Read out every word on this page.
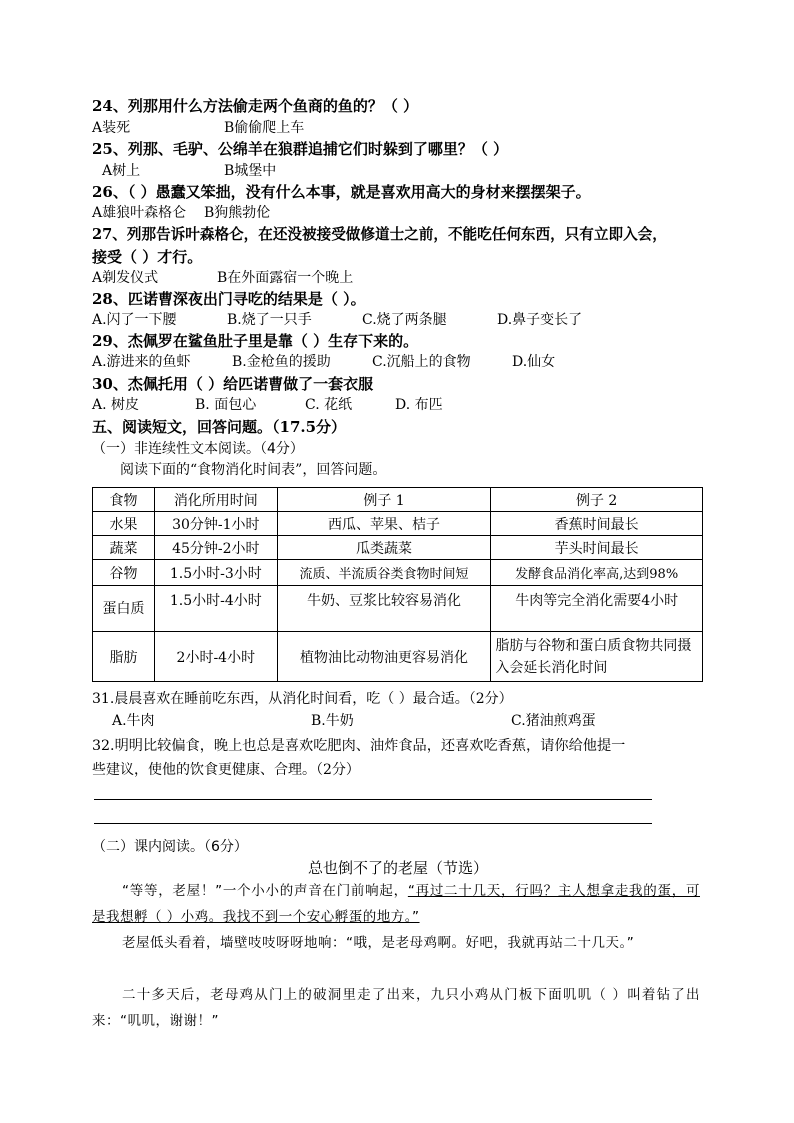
24、列那用什么方法偷走两个鱼商的鱼的？（ ）
A装死	B偷偷爬上车
25、列那、毛驴、公绵羊在狼群追捕它们时躲到了哪里？（ ）
A树上	B城堡中
26、（ ）愚蠢又笨拙，没有什么本事，就是喜欢用高大的身材来摆摆架子。
A雄狼叶森格仑	B狗熊勃伦
27、列那告诉叶森格仑，在还没被接受做修道士之前，不能吃任何东西，只有立即入会，
接受（ ）才行。
A剃发仪式	B在外面露宿一个晚上
28、匹诺曹深夜出门寻吃的结果是（ ）。
A.闪了一下腰	B.烧了一只手	C.烧了两条腿	D.鼻子变长了
29、杰佩罗在鲨鱼肚子里是靠（ ）生存下来的。
A.游进来的鱼虾	B.金枪鱼的援助	C.沉船上的食物	D.仙女
30、杰佩托用（ ）给匹诺曹做了一套衣服
A. 树皮	B. 面包心	C. 花纸	D. 布匹
五、阅读短文，回答问题。（17.5分）
（一）非连续性文本阅读。（4分）
阅读下面的“食物消化时间表”，回答问题。
食物	消化所用时间	例子 1	例子 2
水果	30分钟-1小时	西瓜、苹果、桔子	香蕉时间最长
蔬菜	45分钟-2小时	瓜类蔬菜	芋头时间最长
谷物	1.5小时-3小时	流质、半流质谷类食物时间短	发酵食品消化率高,达到98%
蛋白质	1.5小时-4小时	牛奶、豆浆比较容易消化	牛肉等完全消化需要4小时
脂肪	2小时-4小时	植物油比动物油更容易消化	脂肪与谷物和蛋白质食物共同摄入会延长消化时间
31.晨晨喜欢在睡前吃东西，从消化时间看，吃（ ）最合适。（2分）
A.牛肉	B.牛奶	C.猪油煎鸡蛋
32.明明比较偏食，晚上也总是喜欢吃肥肉、油炸食品，还喜欢吃香蕉，请你给他提一
些建议，使他的饮食更健康、合理。（2分）
（二）课内阅读。（6分）
总也倒不了的老屋（节选）
“等等，老屋！”一个小小的声音在门前响起，“再过二十几天，行吗？主人想拿走我的蛋，可是我想孵（ ）小鸡。我找不到一个安心孵蛋的地方。”
老屋低头看着，墙壁吱吱呀呀地响：“哦，是老母鸡啊。好吧，我就再站二十几天。”
二十多天后，老母鸡从门上的破洞里走了出来，九只小鸡从门板下面叽叽（ ）叫着钻了出来：“叽叽，谢谢！”
